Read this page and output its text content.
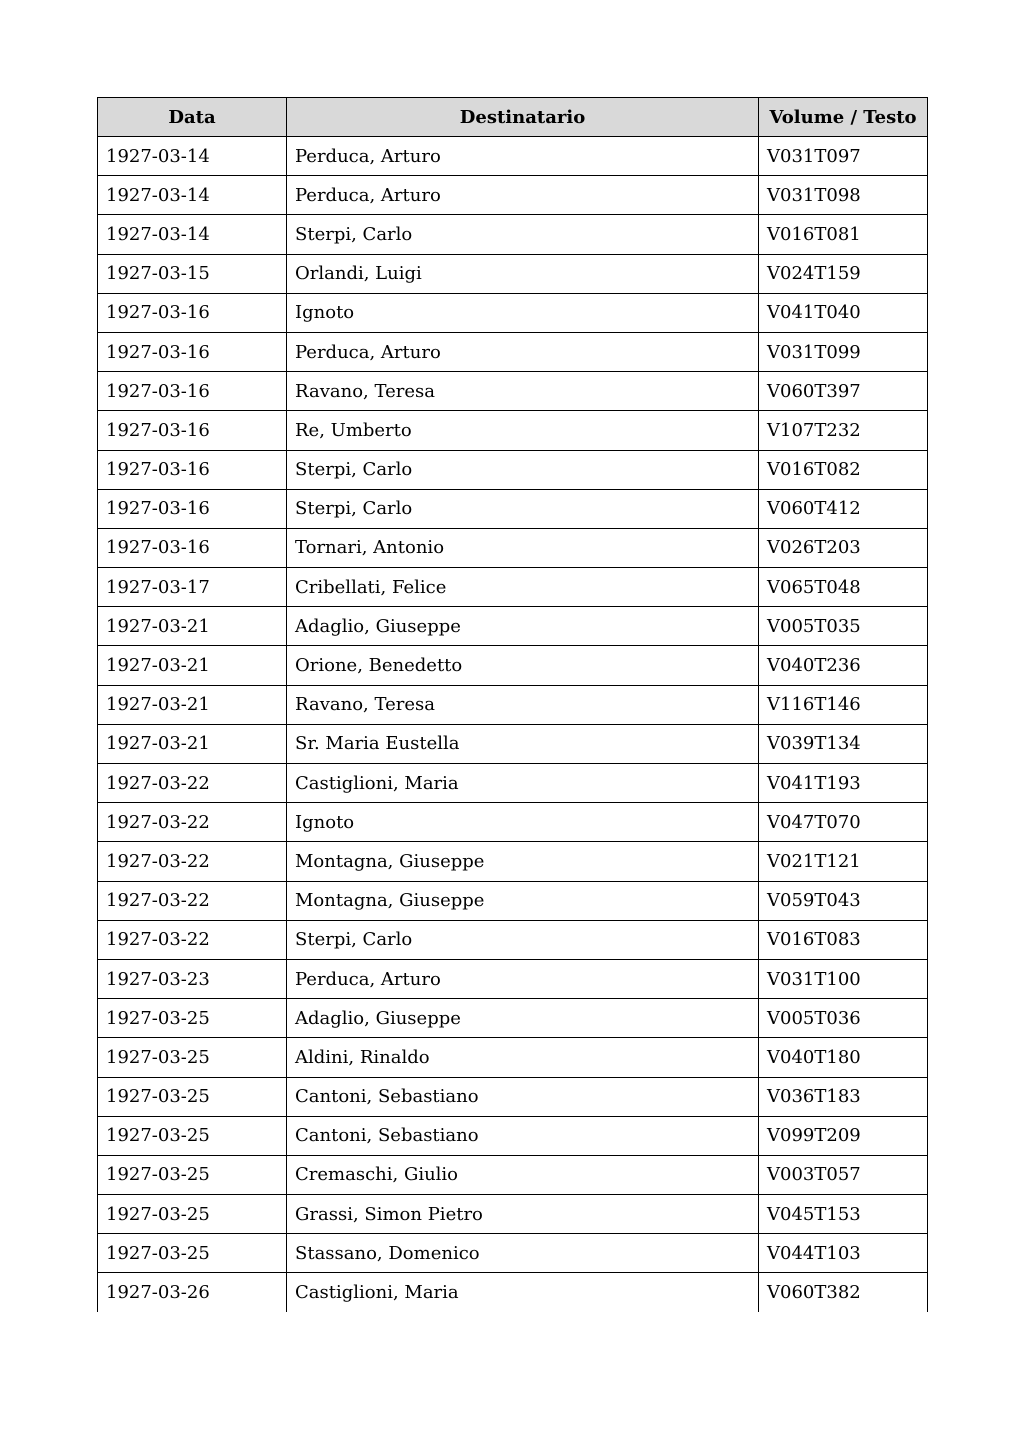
Data	Destinatario	Volume / Testo
1927-03-14	Perduca, Arturo	V031T097
1927-03-14	Perduca, Arturo	V031T098
1927-03-14	Sterpi, Carlo	V016T081
1927-03-15	Orlandi, Luigi	V024T159
1927-03-16	Ignoto	V041T040
1927-03-16	Perduca, Arturo	V031T099
1927-03-16	Ravano, Teresa	V060T397
1927-03-16	Re, Umberto	V107T232
1927-03-16	Sterpi, Carlo	V016T082
1927-03-16	Sterpi, Carlo	V060T412
1927-03-16	Tornari, Antonio	V026T203
1927-03-17	Cribellati, Felice	V065T048
1927-03-21	Adaglio, Giuseppe	V005T035
1927-03-21	Orione, Benedetto	V040T236
1927-03-21	Ravano, Teresa	V116T146
1927-03-21	Sr. Maria Eustella	V039T134
1927-03-22	Castiglioni, Maria	V041T193
1927-03-22	Ignoto	V047T070
1927-03-22	Montagna, Giuseppe	V021T121
1927-03-22	Montagna, Giuseppe	V059T043
1927-03-22	Sterpi, Carlo	V016T083
1927-03-23	Perduca, Arturo	V031T100
1927-03-25	Adaglio, Giuseppe	V005T036
1927-03-25	Aldini, Rinaldo	V040T180
1927-03-25	Cantoni, Sebastiano	V036T183
1927-03-25	Cantoni, Sebastiano	V099T209
1927-03-25	Cremaschi, Giulio	V003T057
1927-03-25	Grassi, Simon Pietro	V045T153
1927-03-25	Stassano, Domenico	V044T103
1927-03-26	Castiglioni, Maria	V060T382
